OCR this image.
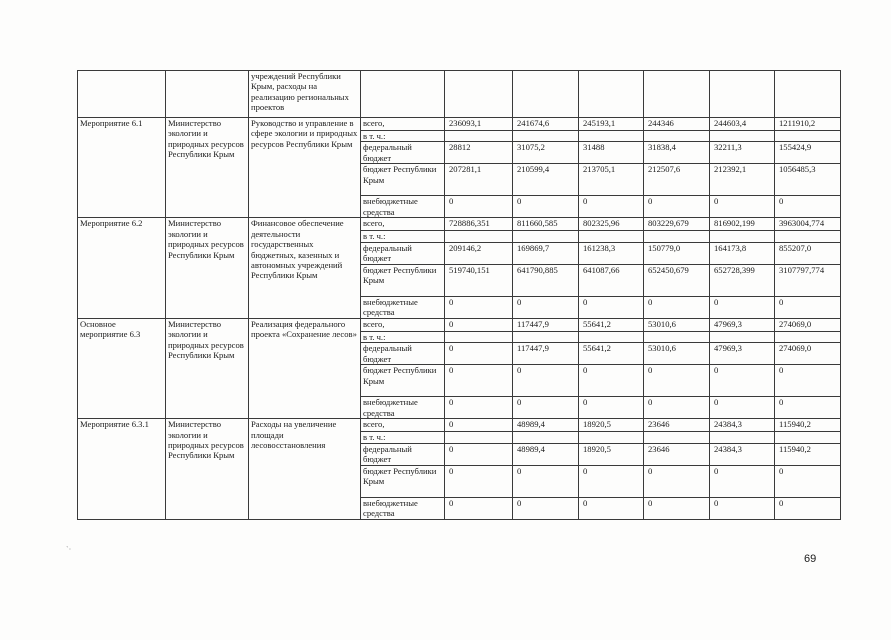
		учреждений Республики Крым, расходы на реализацию региональных проектов							
Мероприятие 6.1	Министерство экологии и природных ресурсов Республики Крым	Руководство и управление в сфере экологии и природных ресурсов Республики Крым	всего,	236093,1	241674,6	245193,1	244346	244603,4	1211910,2
			в т. ч.:						
			федеральный бюджет	28812	31075,2	31488	31838,4	32211,3	155424,9
			бюджет Республики Крым	207281,1	210599,4	213705,1	212507,6	212392,1	1056485,3
			внебюджетные средства	0	0	0	0	0	0
Мероприятие 6.2	Министерство экологии и природных ресурсов Республики Крым	Финансовое обеспечение деятельности государственных бюджетных, казенных и автономных учреждений Республики Крым	всего,	728886,351	811660,585	802325,96	803229,679	816902,199	3963004,774
			в т. ч.:						
			федеральный бюджет	209146,2	169869,7	161238,3	150779,0	164173,8	855207,0
			бюджет Республики Крым	519740,151	641790,885	641087,66	652450,679	652728,399	3107797,774
			внебюджетные средства	0	0	0	0	0	0
Основное мероприятие 6.3	Министерство экологии и природных ресурсов Республики Крым	Реализация федерального проекта «Сохранение лесов»	всего,	0	117447,9	55641,2	53010,6	47969,3	274069,0
			в т. ч.:						
			федеральный бюджет	0	117447,9	55641,2	53010,6	47969,3	274069,0
			бюджет Республики Крым	0	0	0	0	0	0
			внебюджетные средства	0	0	0	0	0	0
Мероприятие 6.3.1	Министерство экологии и природных ресурсов Республики Крым	Расходы на увеличение площади лесовосстановления	всего,	0	48989,4	18920,5	23646	24384,3	115940,2
			в т. ч.:						
			федеральный бюджет	0	48989,4	18920,5	23646	24384,3	115940,2
			бюджет Республики Крым	0	0	0	0	0	0
			внебюджетные средства	0	0	0	0	0	0
`·
69
